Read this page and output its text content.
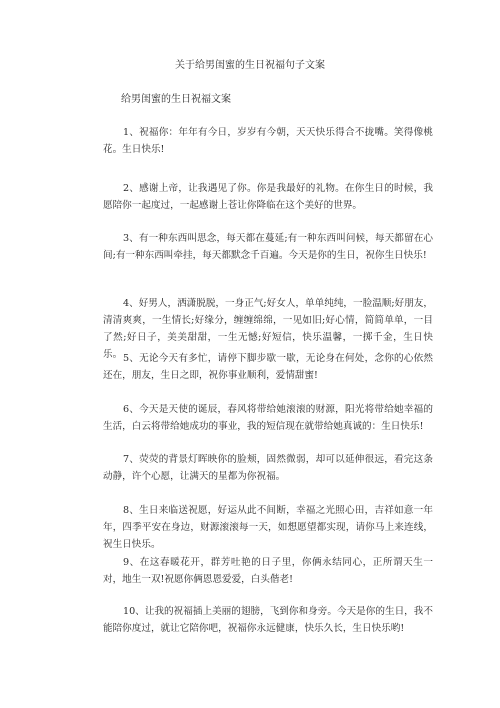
关于给男闺蜜的生日祝福句子文案
给男闺蜜的生日祝福文案

1、祝福你：年年有今日，岁岁有今朝，天天快乐得合不拢嘴。笑得像桃花。生日快乐!

2、感谢上帝，让我遇见了你。你是我最好的礼物。在你生日的时候，我愿陪你一起度过，一起感谢上苍让你降临在这个美好的世界。

3、有一种东西叫思念，每天都在蔓延;有一种东西叫问候，每天都留在心间;有一种东西叫牵挂，每天都默念千百遍。今天是你的生日，祝你生日快乐!

4、好男人，洒潇脱脱，一身正气;好女人，单单纯纯，一脸温顺;好朋友，清清爽爽，一生情长;好缘分，缠缠绵绵，一见如旧;好心情，简简单单，一目了然;好日子，美美甜甜，一生无憾;好短信，快乐温馨，一掷千金，生日快乐。 5、无论今天有多忙，请停下脚步歇一歇，无论身在何处，念你的心依然还在，朋友，生日之即，祝你事业顺利，爱情甜蜜!

6、今天是天使的诞辰，春风将带给她滚滚的财源，阳光将带给她幸福的生活，白云将带给她成功的事业，我的短信现在就带给她真诚的：生日快乐!

7、荧荧的背景灯晖映你的脸颊，固然微弱，却可以延伸很远，看完这条动静，许个心愿，让满天的星都为你祝福。

8、生日来临送祝愿，好运从此不间断，幸福之光照心田，吉祥如意一年年，四季平安在身边，财源滚滚每一天，如想愿望都实现，请你马上来连线，祝生日快乐。

9、在这春暖花开，群芳吐艳的日子里，你俩永结同心，正所谓天生一对，地生一双!祝愿你俩恩恩爱爱，白头偕老!

10、让我的祝福插上美丽的翅膀，飞到你和身旁。今天是你的生日，我不能陪你度过，就让它陪你吧，祝福你永远健康，快乐久长，生日快乐哟!
